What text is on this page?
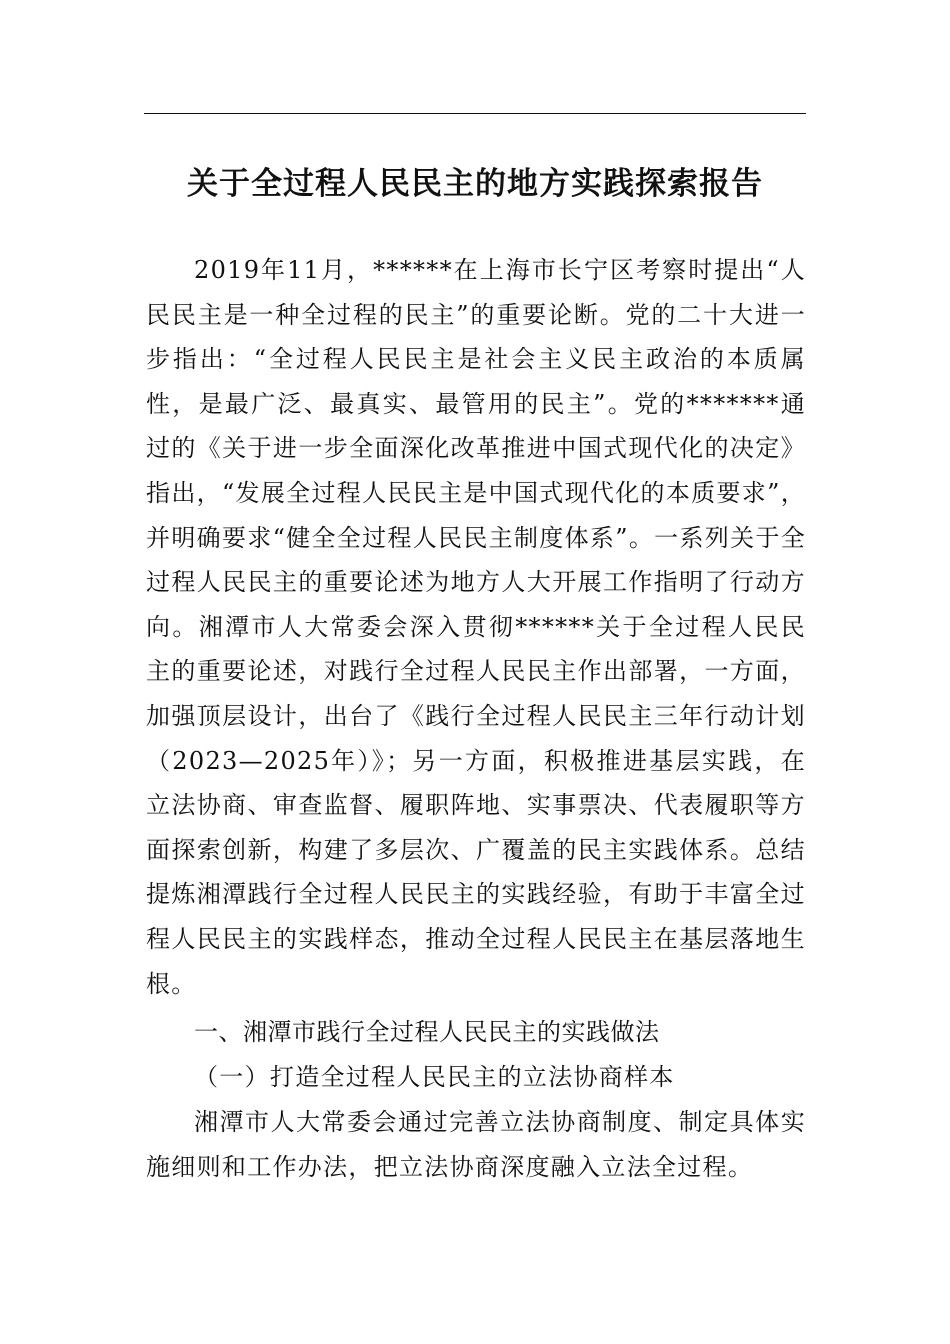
关于全过程人民民主的地方实践探索报告

2019年11月，******在上海市长宁区考察时提出“人民民主是一种全过程的民主”的重要论断。党的二十大进一步指出：“全过程人民民主是社会主义民主政治的本质属性，是最广泛、最真实、最管用的民主”。党的*******通过的《关于进一步全面深化改革推进中国式现代化的决定》指出，“发展全过程人民民主是中国式现代化的本质要求”，并明确要求“健全全过程人民民主制度体系”。一系列关于全过程人民民主的重要论述为地方人大开展工作指明了行动方向。湘潭市人大常委会深入贯彻******关于全过程人民民主的重要论述，对践行全过程人民民主作出部署，一方面，加强顶层设计，出台了《践行全过程人民民主三年行动计划（2023—2025年）》；另一方面，积极推进基层实践，在立法协商、审查监督、履职阵地、实事票决、代表履职等方面探索创新，构建了多层次、广覆盖的民主实践体系。总结提炼湘潭践行全过程人民民主的实践经验，有助于丰富全过程人民民主的实践样态，推动全过程人民民主在基层落地生根。

一、湘潭市践行全过程人民民主的实践做法
（一）打造全过程人民民主的立法协商样本

湘潭市人大常委会通过完善立法协商制度、制定具体实施细则和工作办法，把立法协商深度融入立法全过程。
